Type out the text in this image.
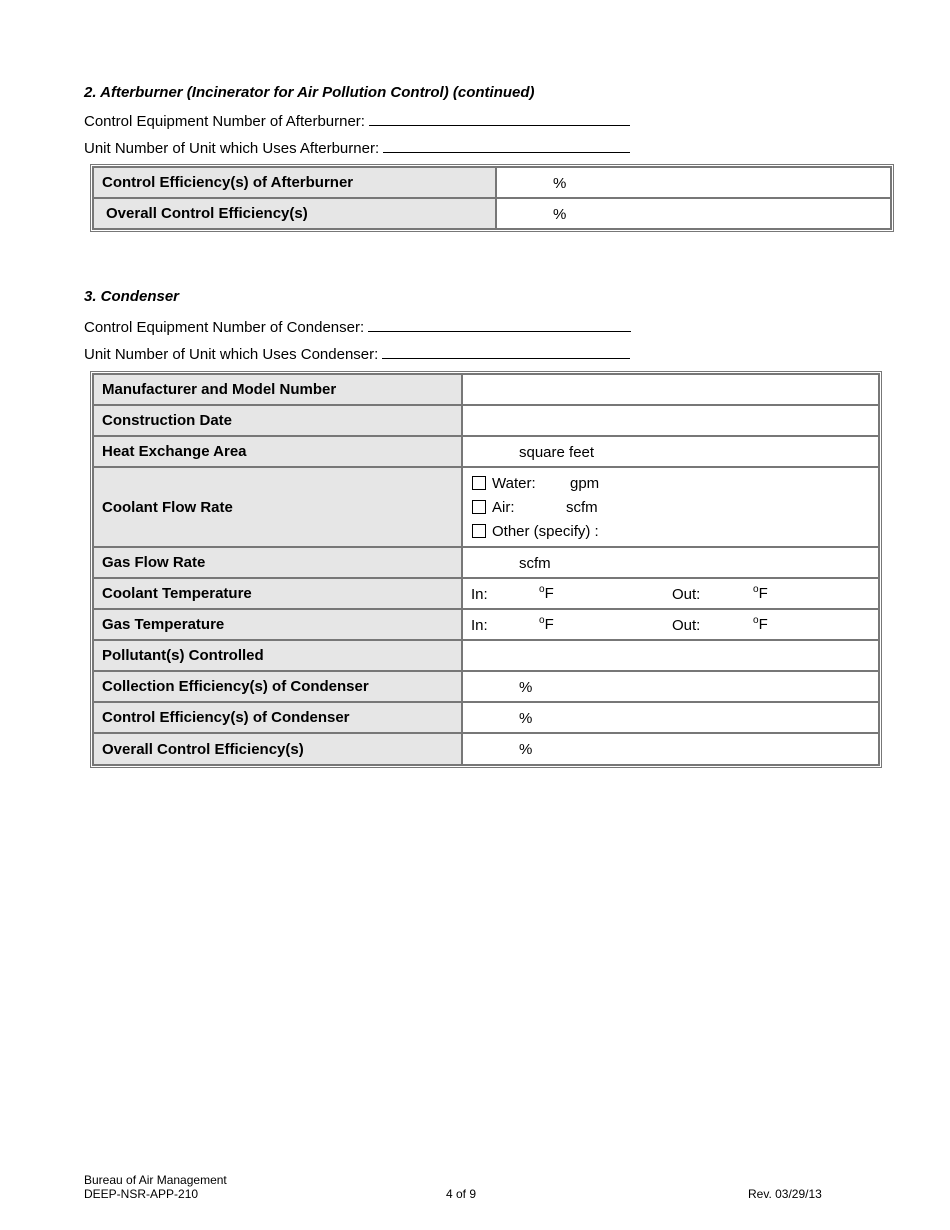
2. Afterburner (Incinerator for Air Pollution Control) (continued)
Control Equipment Number of Afterburner:
Unit Number of Unit which Uses Afterburner:
Control Efficiency(s) of Afterburner	%

Overall Control Efficiency(s)	%
3. Condenser
Control Equipment Number of Condenser:
Unit Number of Unit which Uses Condenser:
Manufacturer and Model Number	
Construction Date	
Heat Exchange Area	square feet

Coolant Flow Rate	Water: gpm
Air: scfm
Other (specify) :

Gas Flow Rate	scfm

Coolant Temperature	In: $^o$F Out: $^o$F

Gas Temperature	In: $^o$F Out: $^o$F

Pollutant(s) Controlled	
Collection Efficiency(s) of Condenser	%

Control Efficiency(s) of Condenser	%

Overall Control Efficiency(s)	%
Bureau of Air Management
DEEP-NSR-APP-210	4 of 9	Rev. 03/29/13
